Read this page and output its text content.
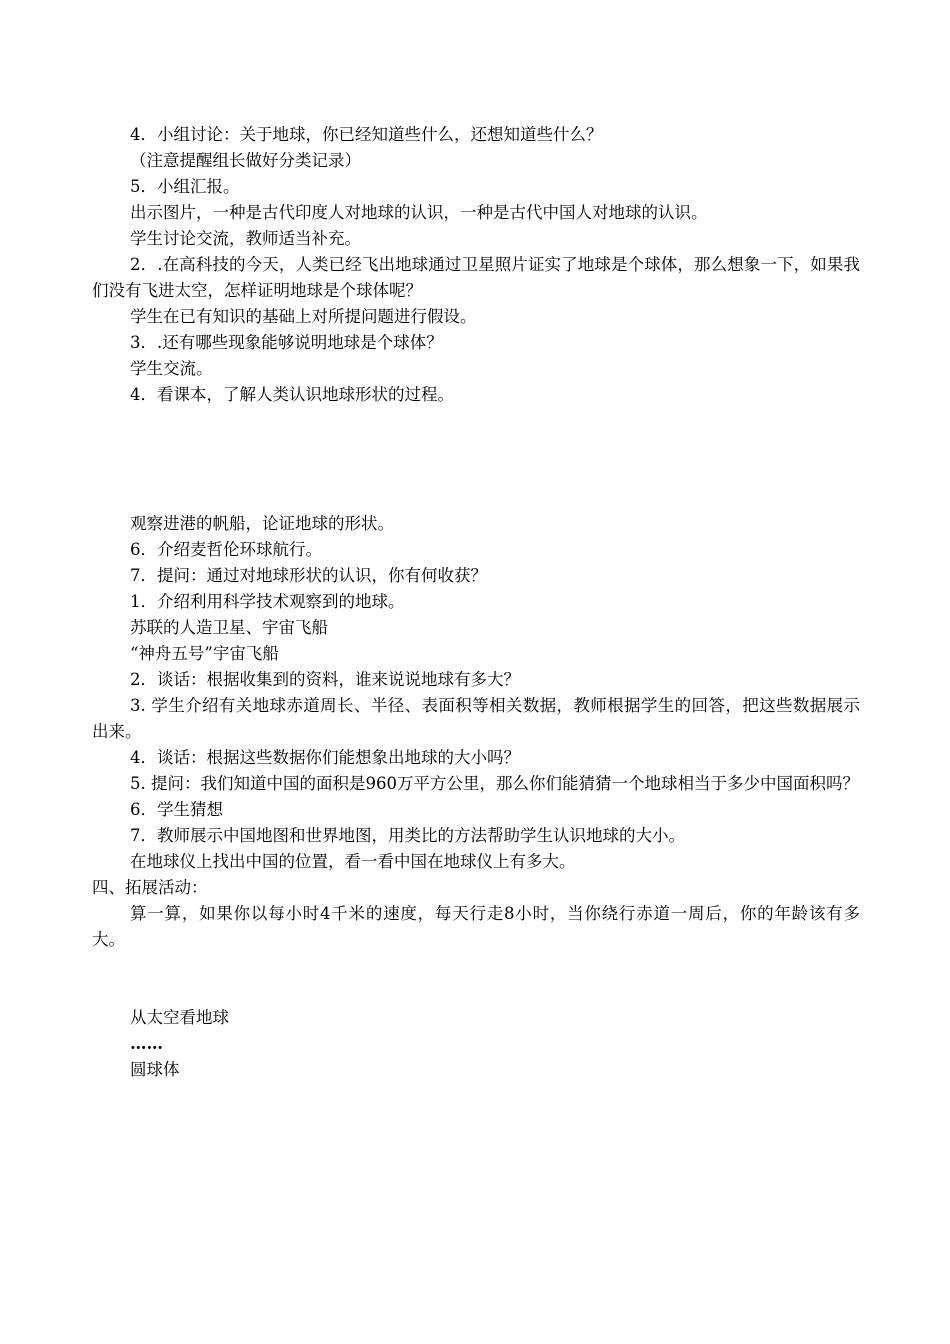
4．小组讨论：关于地球，你已经知道些什么，还想知道些什么？

（注意提醒组长做好分类记录）

5．小组汇报。

出示图片，一种是古代印度人对地球的认识，一种是古代中国人对地球的认识。

学生讨论交流，教师适当补充。

2．.在高科技的今天，人类已经飞出地球通过卫星照片证实了地球是个球体，那么想象一下，如果我们没有飞进太空，怎样证明地球是个球体呢？

学生在已有知识的基础上对所提问题进行假设。

3．.还有哪些现象能够说明地球是个球体？

学生交流。

4．看课本，了解人类认识地球形状的过程。

观察进港的帆船，论证地球的形状。

6．介绍麦哲伦环球航行。

7．提问：通过对地球形状的认识，你有何收获？

1．介绍利用科学技术观察到的地球。

苏联的人造卫星、宇宙飞船

“神舟五号”宇宙飞船

2．谈话：根据收集到的资料，谁来说说地球有多大？

3. 学生介绍有关地球赤道周长、半径、表面积等相关数据，教师根据学生的回答，把这些数据展示出来。

4．谈话：根据这些数据你们能想象出地球的大小吗？

5. 提问：我们知道中国的面积是960万平方公里，那么你们能猜猜一个地球相当于多少中国面积吗？

6．学生猜想

7．教师展示中国地图和世界地图，用类比的方法帮助学生认识地球的大小。

在地球仪上找出中国的位置，看一看中国在地球仪上有多大。

四、拓展活动：

算一算，如果你以每小时4千米的速度，每天行走8小时，当你绕行赤道一周后，你的年龄该有多大。

从太空看地球

……

圆球体
